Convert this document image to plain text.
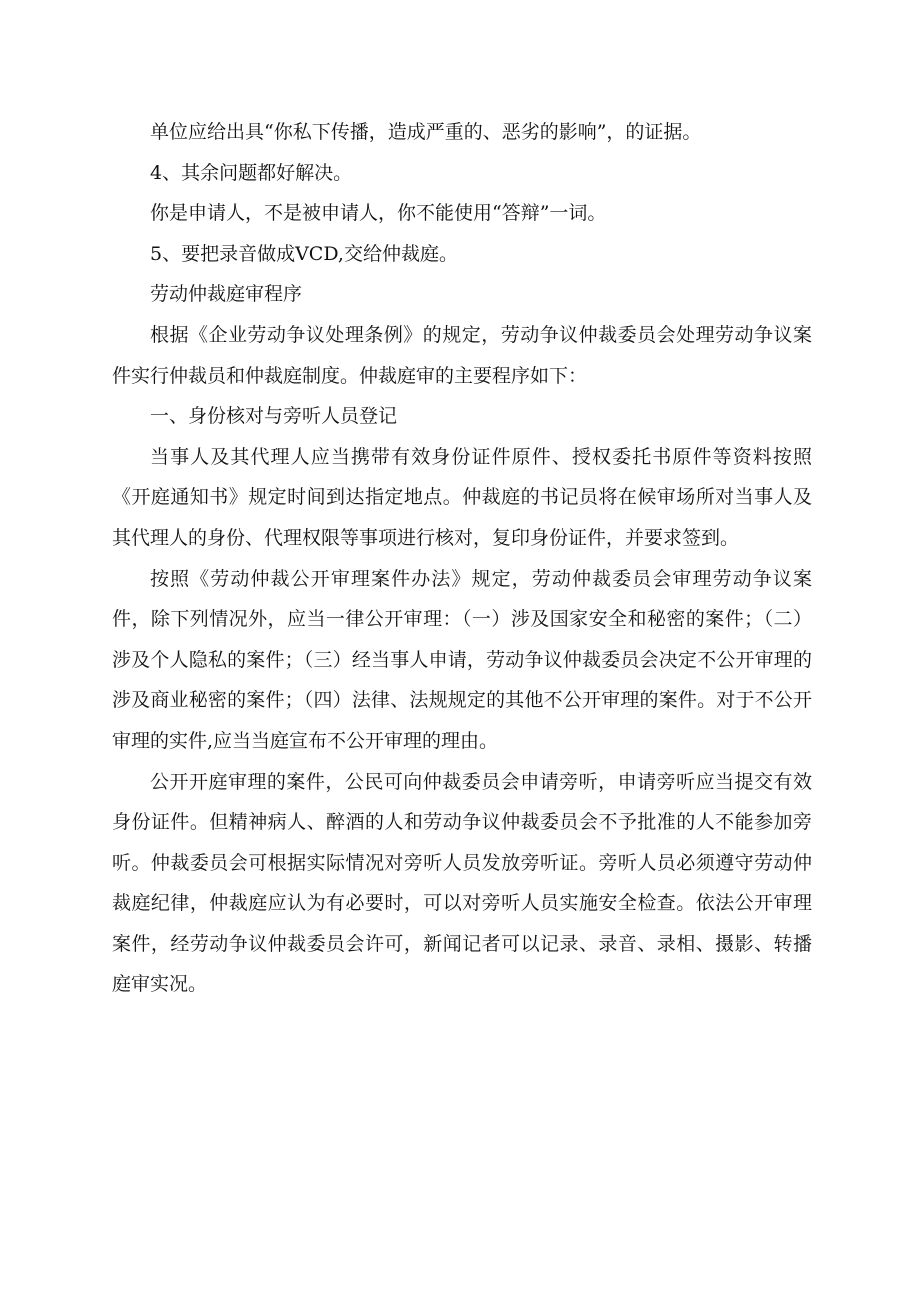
单位应给出具“你私下传播，造成严重的、恶劣的影响”，的证据。

4、其余问题都好解决。

你是申请人，不是被申请人，你不能使用“答辩”一词。

5、要把录音做成VCD,交给仲裁庭。

劳动仲裁庭审程序

根据《企业劳动争议处理条例》的规定，劳动争议仲裁委员会处理劳动争议案件实行仲裁员和仲裁庭制度。仲裁庭审的主要程序如下：

一、身份核对与旁听人员登记

当事人及其代理人应当携带有效身份证件原件、授权委托书原件等资料按照《开庭通知书》规定时间到达指定地点。仲裁庭的书记员将在候审场所对当事人及其代理人的身份、代理权限等事项进行核对，复印身份证件，并要求签到。

按照《劳动仲裁公开审理案件办法》规定，劳动仲裁委员会审理劳动争议案件，除下列情况外，应当一律公开审理：（一）涉及国家安全和秘密的案件；（二）涉及个人隐私的案件；（三）经当事人申请，劳动争议仲裁委员会决定不公开审理的涉及商业秘密的案件；（四）法律、法规规定的其他不公开审理的案件。对于不公开审理的实件,应当当庭宣布不公开审理的理由。

公开开庭审理的案件，公民可向仲裁委员会申请旁听，申请旁听应当提交有效身份证件。但精神病人、醉酒的人和劳动争议仲裁委员会不予批准的人不能参加旁听。仲裁委员会可根据实际情况对旁听人员发放旁听证。旁听人员必须遵守劳动仲裁庭纪律，仲裁庭应认为有必要时，可以对旁听人员实施安全检查。依法公开审理案件，经劳动争议仲裁委员会许可，新闻记者可以记录、录音、录相、摄影、转播庭审实况。
